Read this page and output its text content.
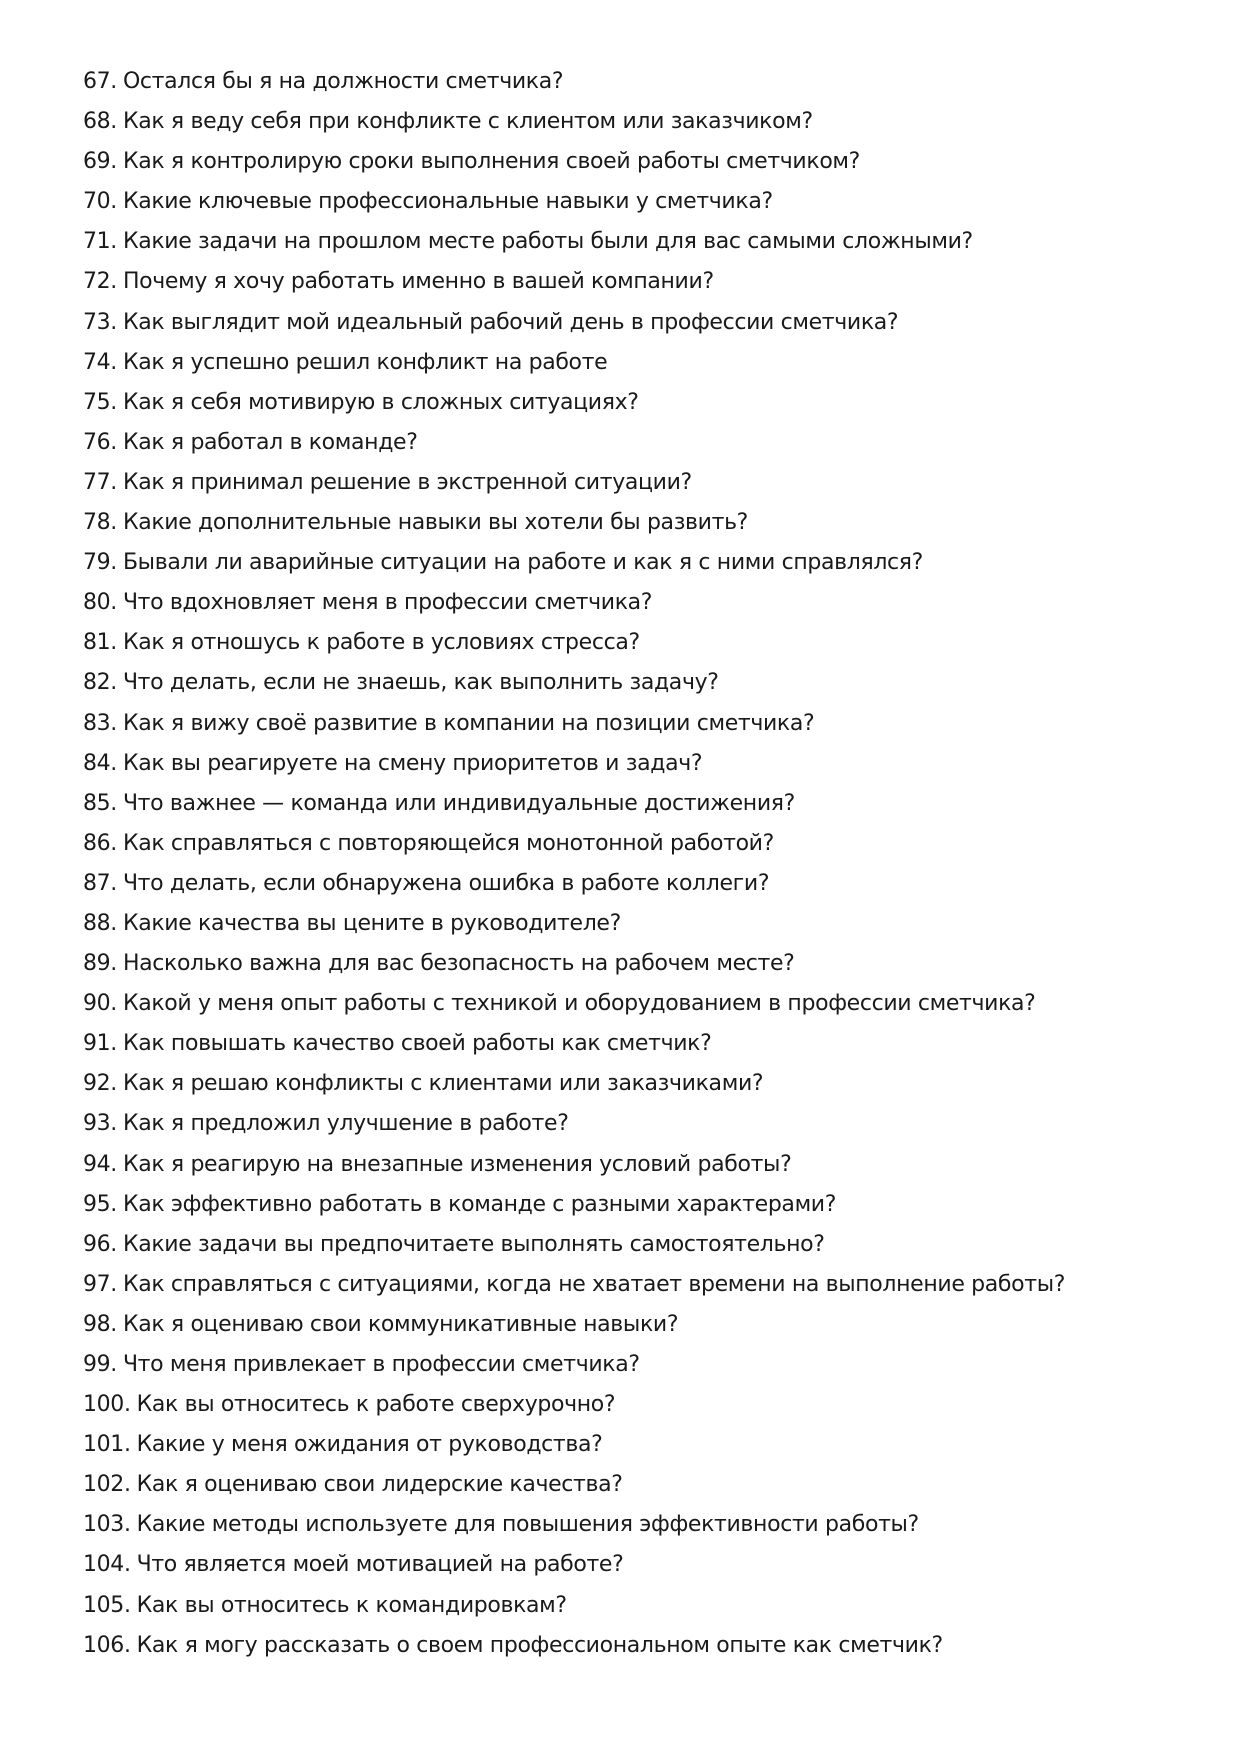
67. Остался бы я на должности сметчика?
68. Как я веду себя при конфликте с клиентом или заказчиком?
69. Как я контролирую сроки выполнения своей работы сметчиком?
70. Какие ключевые профессиональные навыки у сметчика?
71. Какие задачи на прошлом месте работы были для вас самыми сложными?
72. Почему я хочу работать именно в вашей компании?
73. Как выглядит мой идеальный рабочий день в профессии сметчика?
74. Как я успешно решил конфликт на работе
75. Как я себя мотивирую в сложных ситуациях?
76. Как я работал в команде?
77. Как я принимал решение в экстренной ситуации?
78. Какие дополнительные навыки вы хотели бы развить?
79. Бывали ли аварийные ситуации на работе и как я с ними справлялся?
80. Что вдохновляет меня в профессии сметчика?
81. Как я отношусь к работе в условиях стресса?
82. Что делать, если не знаешь, как выполнить задачу?
83. Как я вижу своё развитие в компании на позиции сметчика?
84. Как вы реагируете на смену приоритетов и задач?
85. Что важнее — команда или индивидуальные достижения?
86. Как справляться с повторяющейся монотонной работой?
87. Что делать, если обнаружена ошибка в работе коллеги?
88. Какие качества вы цените в руководителе?
89. Насколько важна для вас безопасность на рабочем месте?
90. Какой у меня опыт работы с техникой и оборудованием в профессии сметчика?
91. Как повышать качество своей работы как сметчик?
92. Как я решаю конфликты с клиентами или заказчиками?
93. Как я предложил улучшение в работе?
94. Как я реагирую на внезапные изменения условий работы?
95. Как эффективно работать в команде с разными характерами?
96. Какие задачи вы предпочитаете выполнять самостоятельно?
97. Как справляться с ситуациями, когда не хватает времени на выполнение работы?
98. Как я оцениваю свои коммуникативные навыки?
99. Что меня привлекает в профессии сметчика?
100. Как вы относитесь к работе сверхурочно?
101. Какие у меня ожидания от руководства?
102. Как я оцениваю свои лидерские качества?
103. Какие методы используете для повышения эффективности работы?
104. Что является моей мотивацией на работе?
105. Как вы относитесь к командировкам?
106. Как я могу рассказать о своем профессиональном опыте как сметчик?
